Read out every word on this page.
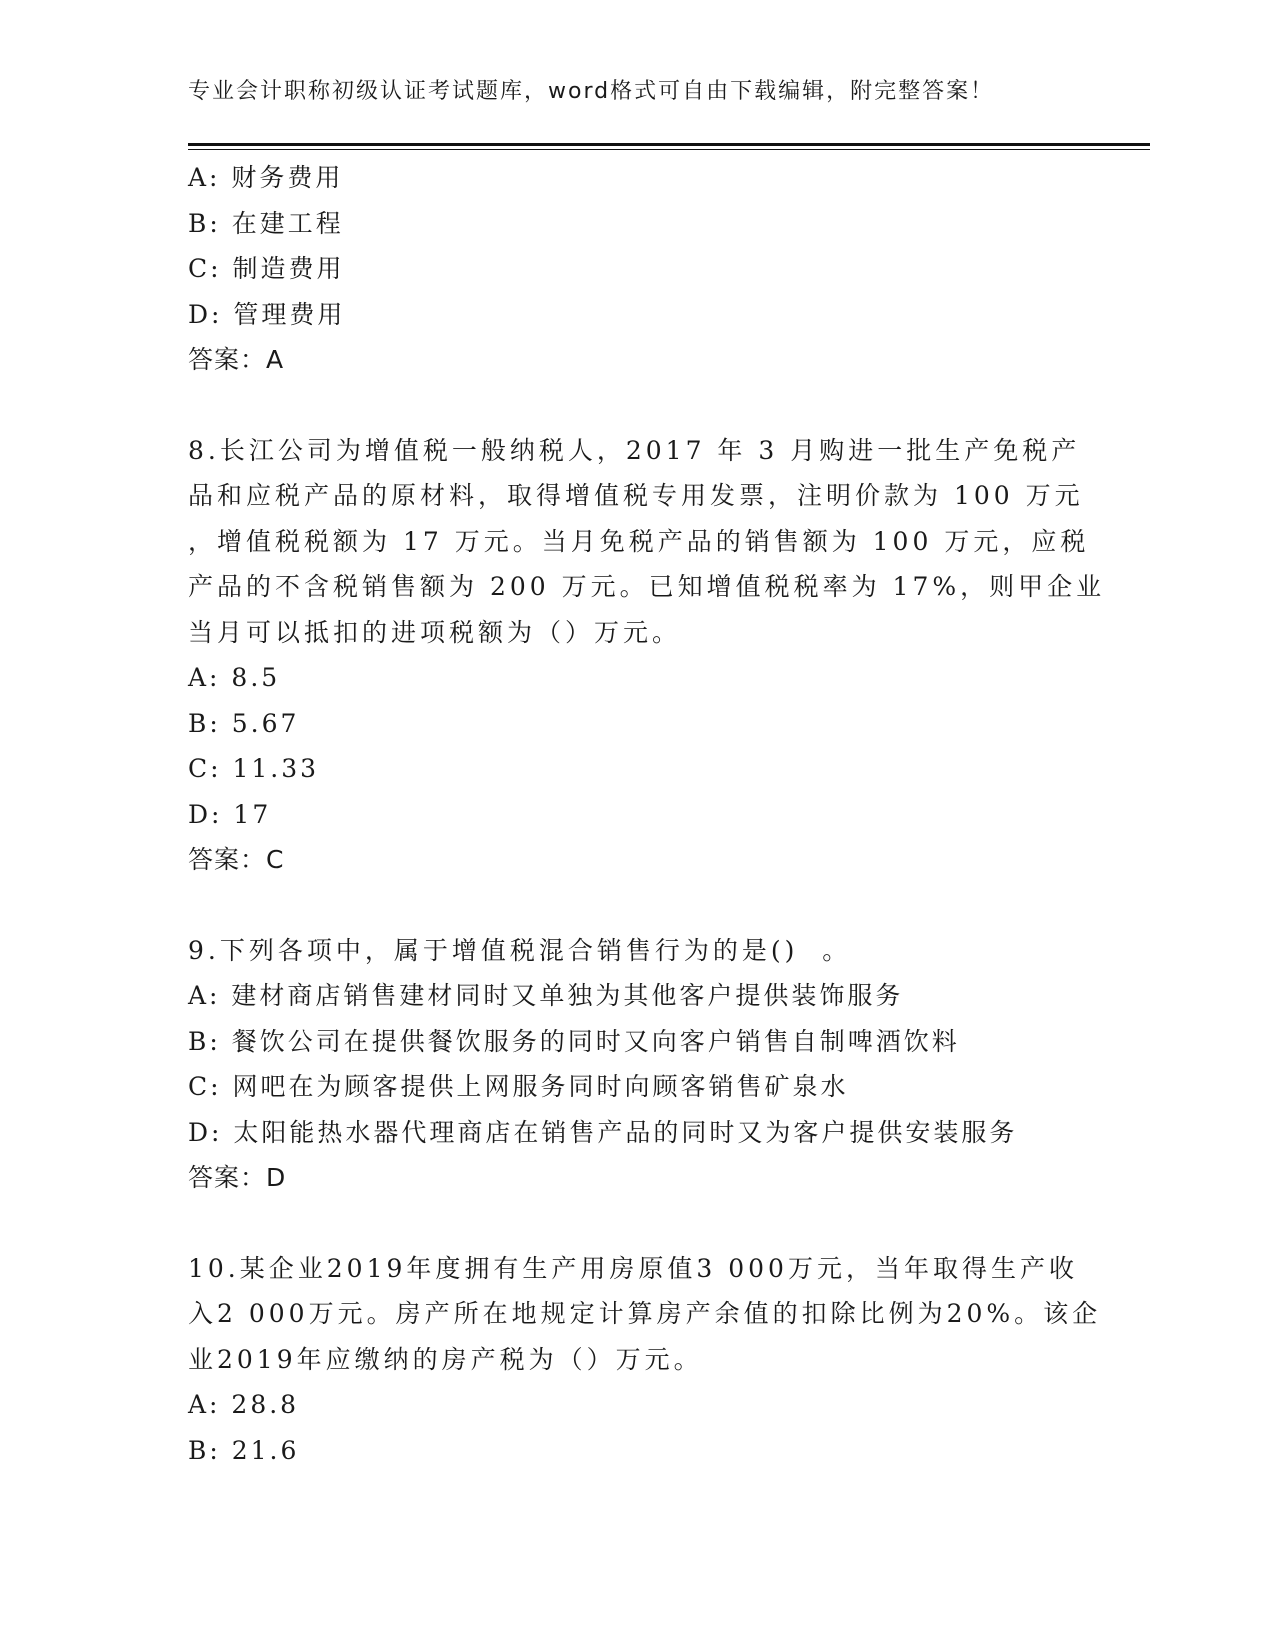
专业会计职称初级认证考试题库，word格式可自由下载编辑，附完整答案！
A: 财务费用
B: 在建工程
C: 制造费用
D: 管理费用
答案：A
8.长江公司为增值税一般纳税人，2017 年 3 月购进一批生产免税产
品和应税产品的原材料，取得增值税专用发票，注明价款为 100 万元
，增值税税额为 17 万元。当月免税产品的销售额为 100 万元，应税
产品的不含税销售额为 200 万元。已知增值税税率为 17%，则甲企业
当月可以抵扣的进项税额为（）万元。
A: 8.5
B: 5.67
C: 11.33
D: 17
答案：C
9.下列各项中，属于增值税混合销售行为的是()  。
A: 建材商店销售建材同时又单独为其他客户提供装饰服务
B: 餐饮公司在提供餐饮服务的同时又向客户销售自制啤酒饮料
C: 网吧在为顾客提供上网服务同时向顾客销售矿泉水
D: 太阳能热水器代理商店在销售产品的同时又为客户提供安装服务
答案：D
10.某企业2019年度拥有生产用房原值3 000万元，当年取得生产收
入2 000万元。房产所在地规定计算房产余值的扣除比例为20%。该企
业2019年应缴纳的房产税为（）万元。
A: 28.8
B: 21.6
